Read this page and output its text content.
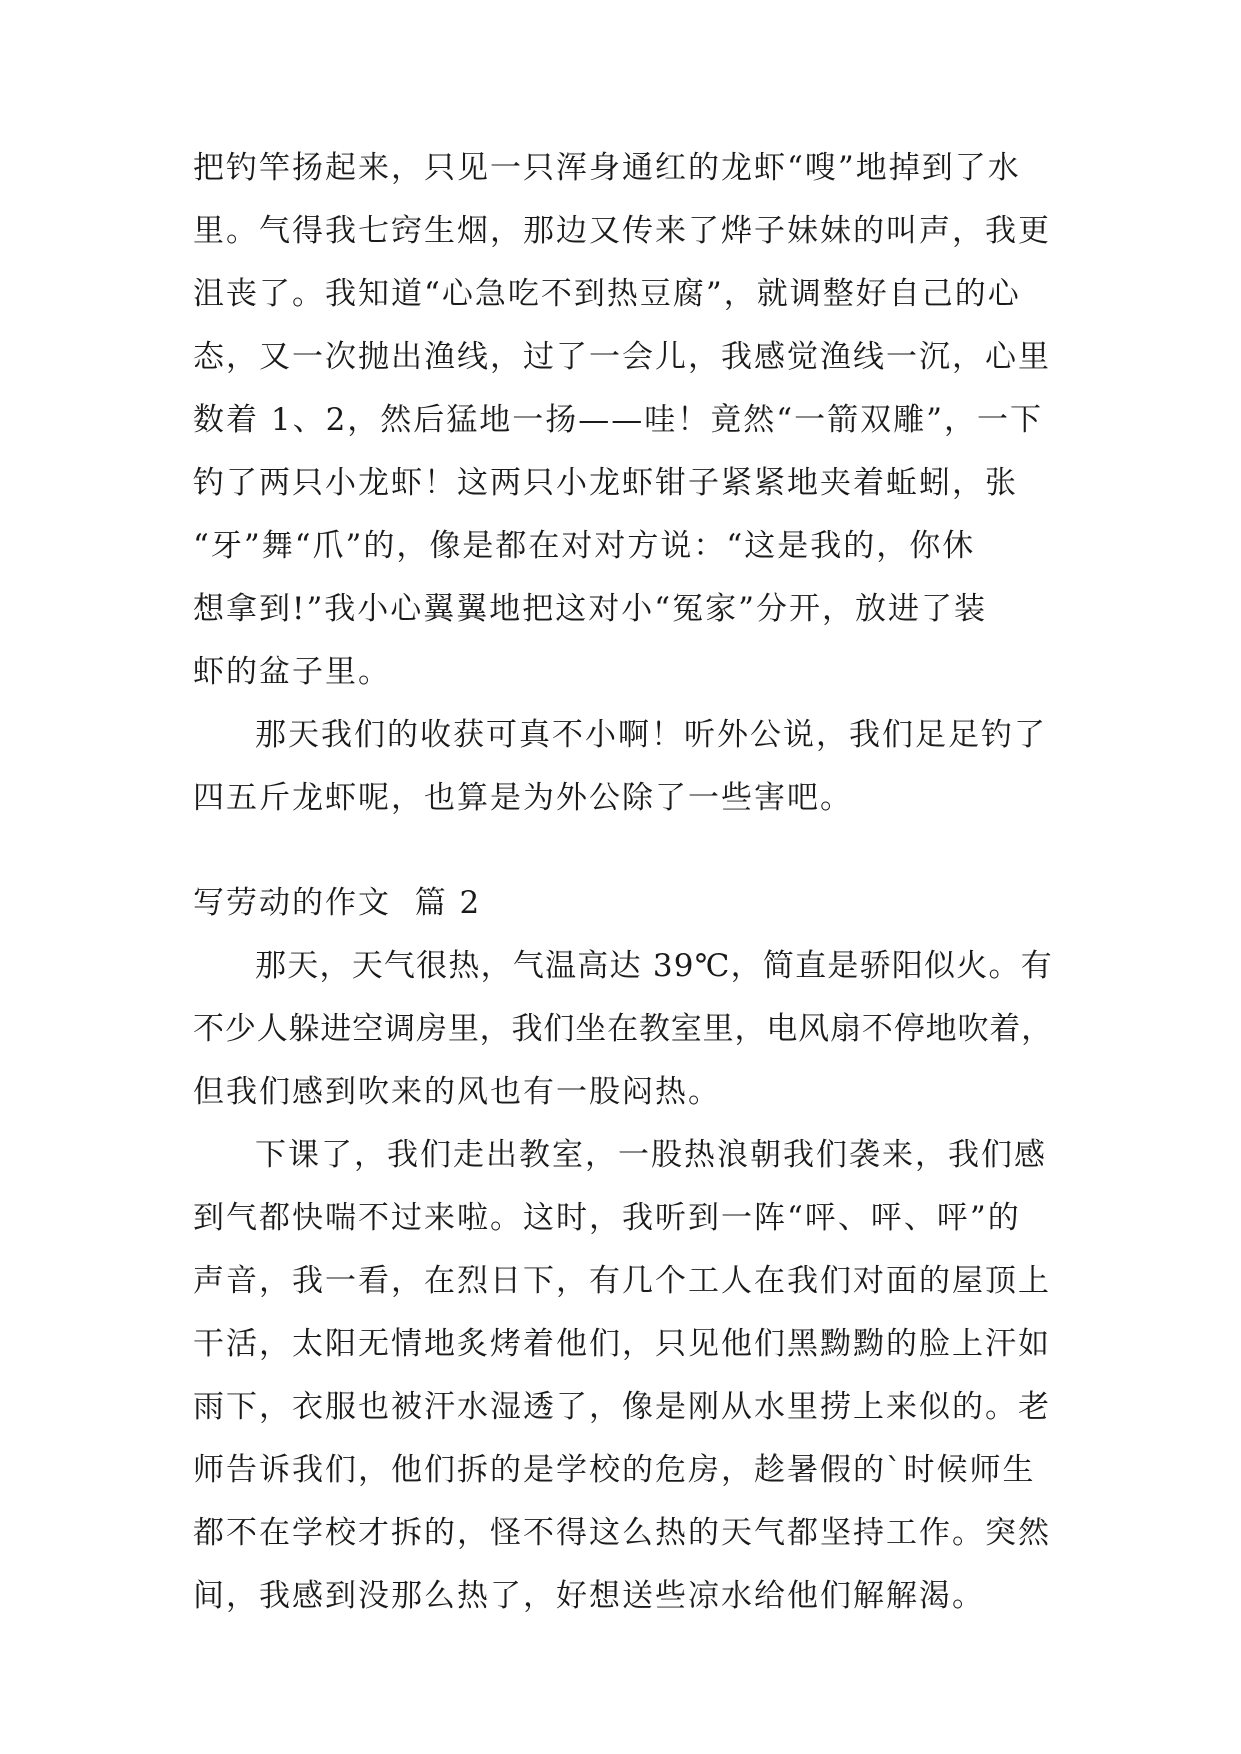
把钓竿扬起来，只见一只浑身通红的龙虾“嗖”地掉到了水
里。气得我七窍生烟，那边又传来了烨子妹妹的叫声，我更
沮丧了。我知道“心急吃不到热豆腐”，就调整好自己的心
态，又一次抛出渔线，过了一会儿，我感觉渔线一沉，心里
数着 1、2，然后猛地一扬——哇！竟然“一箭双雕”，一下
钓了两只小龙虾！这两只小龙虾钳子紧紧地夹着蚯蚓，张
“牙”舞“爪”的，像是都在对对方说：“这是我的，你休
想拿到!”我小心翼翼地把这对小“冤家”分开，放进了装
虾的盆子里。
那天我们的收获可真不小啊！听外公说，我们足足钓了
四五斤龙虾呢，也算是为外公除了一些害吧。
写劳动的作文  篇 2
那天，天气很热，气温高达 39℃，简直是骄阳似火。有
不少人躲进空调房里，我们坐在教室里，电风扇不停地吹着，
但我们感到吹来的风也有一股闷热。
下课了，我们走出教室，一股热浪朝我们袭来，我们感
到气都快喘不过来啦。这时，我听到一阵“呯、呯、呯”的
声音，我一看，在烈日下，有几个工人在我们对面的屋顶上
干活，太阳无情地炙烤着他们，只见他们黑黝黝的脸上汗如
雨下，衣服也被汗水湿透了，像是刚从水里捞上来似的。老
师告诉我们，他们拆的是学校的危房，趁暑假的`时候师生
都不在学校才拆的，怪不得这么热的天气都坚持工作。突然
间，我感到没那么热了，好想送些凉水给他们解解渴。
